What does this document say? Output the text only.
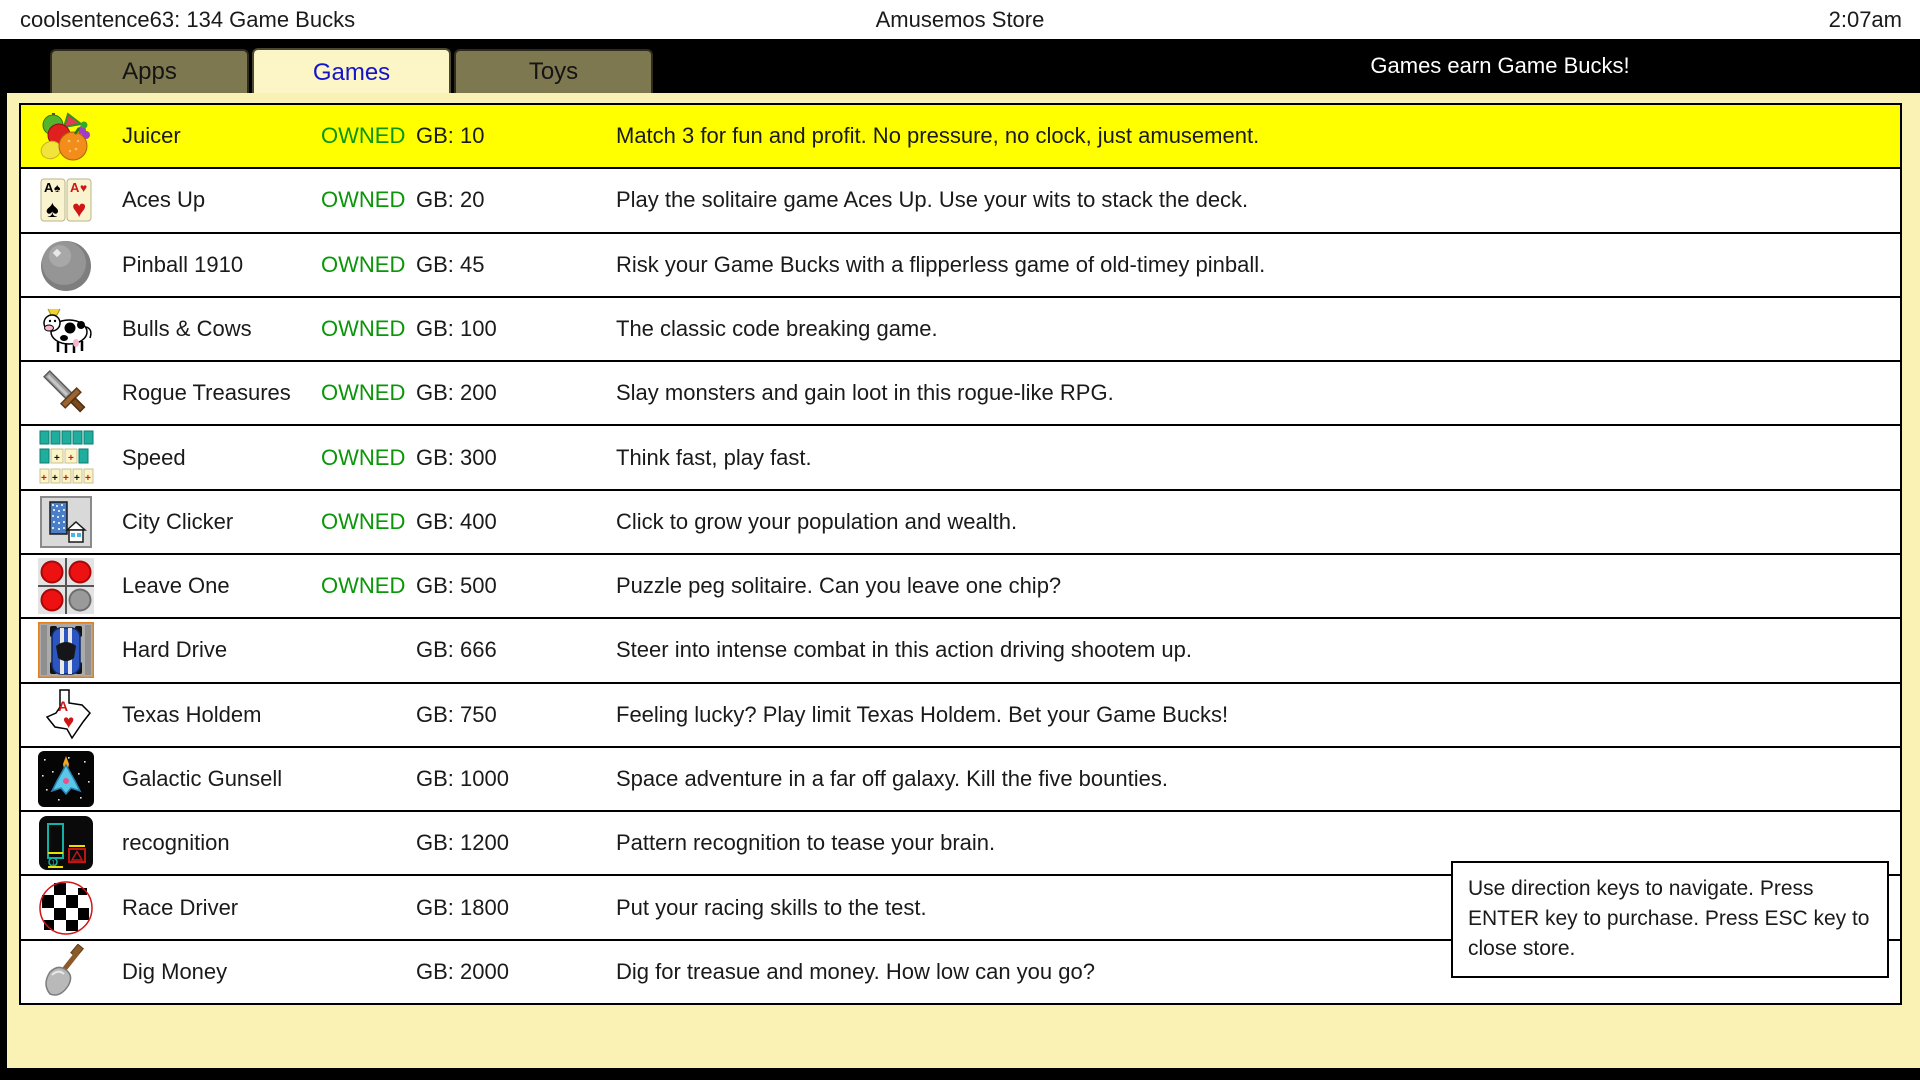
coolsentence63: 134 Game Bucks	Amusemos Store	2:07am
Apps	Games	Toys	Games earn Game Bucks!
Juicer	OWNED GB: 10	Match 3 for fun and profit. No pressure, no clock, just amusement.
A ♠
♠
A ♥
♥ Aces Up	OWNED GB: 20	Play the solitaire game Aces Up. Use your wits to stack the deck.
Pinball 1910	OWNED GB: 45	Risk your Game Bucks with a flipperless game of old-timey pinball.
Bulls & Cows	OWNED GB: 100	The classic code breaking game.
Rogue Treasures	OWNED GB: 200	Slay monsters and gain loot in this rogue-like RPG.
+ +
+ + + + +
Speed	OWNED GB: 300	Think fast, play fast.
City Clicker	OWNED GB: 400	Click to grow your population and wealth.
Leave One	OWNED GB: 500	Puzzle peg solitaire. Can you leave one chip?
Hard Drive	GB: 666	Steer into intense combat in this action driving shootem up.
A
♥ Texas Holdem	GB: 750	Feeling lucky? Play limit Texas Holdem. Bet your Game Bucks!
Galactic Gunsell	GB: 1000	Space adventure in a far off galaxy. Kill the five bounties.
1
recognition	GB: 1200	Pattern recognition to tease your brain.
Race Driver	GB: 1800	Put your racing skills to the test.
Dig Money	GB: 2000	Dig for treasue and money. How low can you go?
Use direction keys to navigate. Press ENTER key to purchase. Press ESC key to close store.
